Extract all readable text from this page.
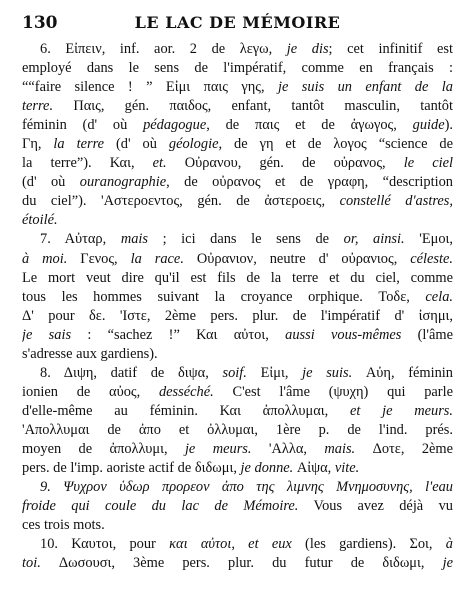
130	LE LAC DE MÉMOIRE
6. Εἰπειν, inf. aor. 2 de λεγω, je dis; cet infinitif est
employé dans le sens de l'impératif, comme en français :
““faire silence ! ” Εἰμι παις γης, je suis un enfant de la
terre. Παις, gén. παιδος, enfant, tantôt masculin, tantôt
féminin (d' où pédagogue, de παις et de ἀγωγος, guide).
Γη, la terre (d' où géologie, de γη et de λογος “science de
la terre”). Και, et. Οὐρανου, gén. de οὐρανος, le ciel
(d' où ouranographie, de οὐρανος et de γραφη, “description
du ciel”). 'Αστεροεντος, gén. de ἀστεροεις, constellé d'astres,
étoilé.
7. Αὐταρ, mais ; ici dans le sens de or, ainsi. 'Εμοι,
à moi. Γενος, la race. Οὐρανιον, neutre d' οὐρανιος, céleste.
Le mort veut dire qu'il est fils de la terre et du ciel, comme
tous les hommes suivant la croyance orphique. Τοδε, cela.
Δ' pour δε. 'Ιστε, 2ème pers. plur. de l'impératif d' ἰσημι,
je sais : “sachez !” Και αὐτοι, aussi vous-mêmes (l'âme
s'adresse aux gardiens).
8. Διψη, datif de διψα, soif. Εἰμι, je suis. Αὐη, féminin
ionien de αὐος, desséché. C'est l'âme (ψυχη) qui parle
d'elle-même au féminin. Και ἀπολλυμαι, et je meurs.
'Απολλυμαι de ἀπο et ὀλλυμαι, 1ère p. de l'ind. prés.
moyen de ἀπολλυμι, je meurs. 'Αλλα, mais. Δοτε, 2ème
pers. de l'imp. aoriste actif de διδωμι, je donne. Αἰψα, vite.
9. Ψυχρον ὑδωρ προρεον ἀπο της λιμνης Μνημοσυνης, l'eau
froide qui coule du lac de Mémoire. Vous avez déjà vu
ces trois mots.
10. Καυτοι, pour και αὐτοι, et eux (les gardiens). Σοι, à
toi. Δωσουσι, 3ème pers. plur. du futur de διδωμι, je
